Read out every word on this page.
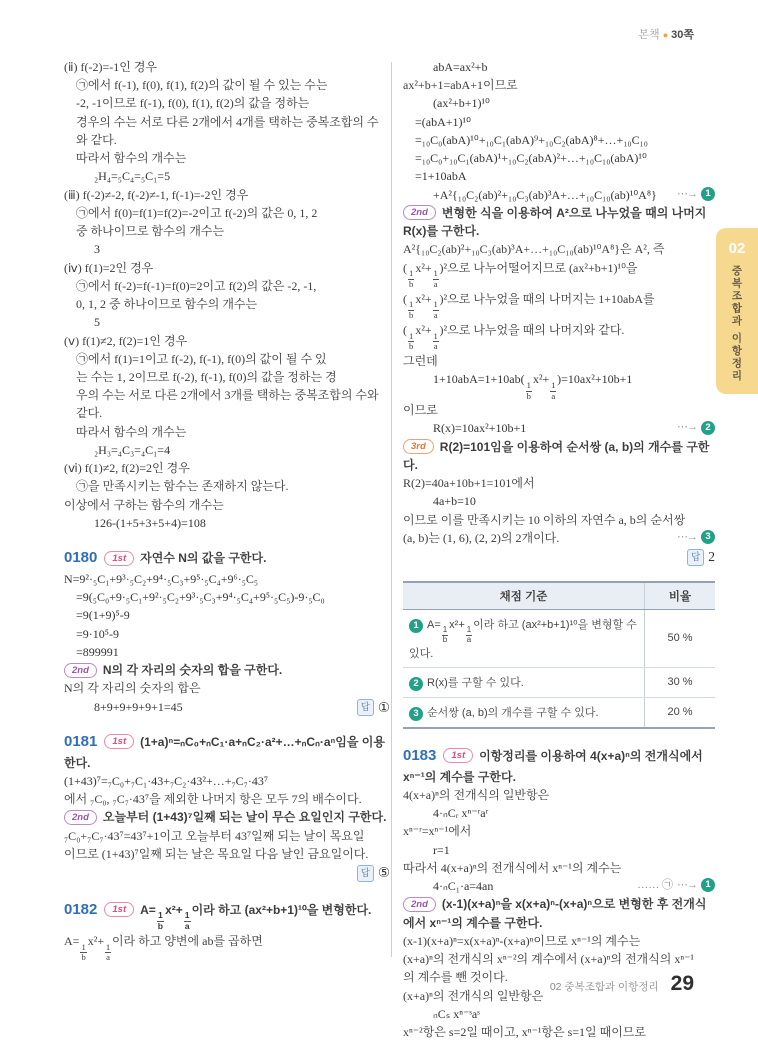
본책 ● 30쪽
02
중복조합과 이항정리
(ⅱ) f(-2)=-1인 경우
㉠에서 f(-1), f(0), f(1), f(2)의 값이 될 수 있는 수는
-2, -1이므로 f(-1), f(0), f(1), f(2)의 값을 정하는
경우의 수는 서로 다른 2개에서 4개를 택하는 중복조합의 수
와 같다.
따라서 함수의 개수는
₂H₄=₅C₄=₅C₁=5
(ⅲ) f(-2)≠-2, f(-2)≠-1, f(-1)=-2인 경우
㉠에서 f(0)=f(1)=f(2)=-2이고 f(-2)의 값은 0, 1, 2
중 하나이므로 함수의 개수는
3
(ⅳ) f(1)=2인 경우
㉠에서 f(-2)=f(-1)=f(0)=2이고 f(2)의 값은 -2, -1,
0, 1, 2 중 하나이므로 함수의 개수는
5
(ⅴ) f(1)≠2, f(2)=1인 경우
㉠에서 f(1)=1이고 f(-2), f(-1), f(0)의 값이 될 수 있
는 수는 1, 2이므로 f(-2), f(-1), f(0)의 값을 정하는 경
우의 수는 서로 다른 2개에서 3개를 택하는 중복조합의 수와
같다.
따라서 함수의 개수는
₂H₃=₄C₃=₄C₁=4
(ⅵ) f(1)≠2, f(2)=2인 경우
㉠을 만족시키는 함수는 존재하지 않는다.
이상에서 구하는 함수의 개수는
126-(1+5+3+5+4)=108
0180 1st 자연수 N의 값을 구한다.
N=9²·₅C₁+9³·₅C₂+9⁴·₅C₃+9⁵·₅C₄+9⁶·₅C₅
=9(₅C₀+9·₅C₁+9²·₅C₂+9³·₅C₃+9⁴·₅C₄+9⁵·₅C₅)-9·₅C₀
=9(1+9)⁵-9
=9·10⁵-9
=899991
2nd N의 각 자리의 숫자의 합을 구한다.
N의 각 자리의 숫자의 합은
답 ①
8+9+9+9+9+1=45
0181 1st (1+a)ⁿ=ₙC₀+ₙC₁·a+ₙC₂·a²+…+ₙCₙ·aⁿ임을 이용한다.
(1+43)⁷=₇C₀+₇C₁·43+₇C₂·43²+…+₇C₇·43⁷
에서 ₇C₀, ₇C₇·43⁷을 제외한 나머지 항은 모두 7의 배수이다.
2nd 오늘부터 (1+43)⁷일째 되는 날이 무슨 요일인지 구한다.
₇C₀+₇C₇·43⁷=43⁷+1이고 오늘부터 43⁷일째 되는 날이 목요일
이므로 (1+43)⁷일째 되는 날은 목요일 다음 날인 금요일이다.
답 ⑤
0182 1st A=
$\frac{1}{b}$
x²+
$\frac{1}{a}$
이라 하고 (ax²+b+1)¹⁰을 변형한다.
A=
$\frac{1}{b}$
x²+
$\frac{1}{a}$
이라 하고 양변에 ab를 곱하면
abA=ax²+b
ax²+b+1=abA+1이므로
(ax²+b+1)¹⁰
=(abA+1)¹⁰
=₁₀C₀(abA)¹⁰+₁₀C₁(abA)⁹+₁₀C₂(abA)⁸+…+₁₀C₁₀
=₁₀C₀+₁₀C₁(abA)¹+₁₀C₂(abA)²+…+₁₀C₁₀(abA)¹⁰
=1+10abA
⋯→ 1
+A²{₁₀C₂(ab)²+₁₀C₃(ab)³A+…+₁₀C₁₀(ab)¹⁰A⁸}
2nd 변형한 식을 이용하여 A²으로 나누었을 때의 나머지 R(x)를 구한다.
A²{₁₀C₂(ab)²+₁₀C₃(ab)³A+…+₁₀C₁₀(ab)¹⁰A⁸}은 A², 즉
(
$\frac{1}{b}$
x²+
$\frac{1}{a}$
)²으로 나누어떨어지므로 (ax²+b+1)¹⁰을
(
$\frac{1}{b}$
x²+
$\frac{1}{a}$
)²으로 나누었을 때의 나머지는 1+10abA를
(
$\frac{1}{b}$
x²+
$\frac{1}{a}$
)²으로 나누었을 때의 나머지와 같다.
그런데
1+10abA=1+10ab(
$\frac{1}{b}$
x²+
$\frac{1}{a}$
)=10ax²+10b+1
이므로
⋯→ 2
R(x)=10ax²+10b+1
3rd R(2)=101임을 이용하여 순서쌍 (a, b)의 개수를 구한다.
R(2)=40a+10b+1=101에서
4a+b=10
이므로 이를 만족시키는 10 이하의 자연수 a, b의 순서쌍
⋯→ 3
(a, b)는 (1, 6), (2, 2)의 2개이다.
답 2
채점 기준	비율
1 A=
$\frac{1}{b}$
x²+
$\frac{1}{a}$
이라 하고 (ax²+b+1)¹⁰을 변형할 수 있다.	50 %
2 R(x)를 구할 수 있다.	30 %
3 순서쌍 (a, b)의 개수를 구할 수 있다.	20 %
0183 1st 이항정리를 이용하여 4(x+a)ⁿ의 전개식에서 xⁿ⁻¹의 계수를 구한다.
4(x+a)ⁿ의 전개식의 일반항은
4·ₙCᵣ xⁿ⁻ʳaʳ
xⁿ⁻ʳ=xⁿ⁻¹에서
r=1
따라서 4(x+a)ⁿ의 전개식에서 xⁿ⁻¹의 계수는
…… ㉠ ⋯→ 1
4·ₙC₁·a=4an
2nd (x-1)(x+a)ⁿ을 x(x+a)ⁿ-(x+a)ⁿ으로 변형한 후 전개식에서 xⁿ⁻¹의 계수를 구한다.
(x-1)(x+a)ⁿ=x(x+a)ⁿ-(x+a)ⁿ이므로 xⁿ⁻¹의 계수는
(x+a)ⁿ의 전개식의 xⁿ⁻²의 계수에서 (x+a)ⁿ의 전개식의 xⁿ⁻¹
의 계수를 뺀 것이다.
(x+a)ⁿ의 전개식의 일반항은
ₙCₛ xⁿ⁻ˢaˢ
xⁿ⁻²항은 s=2일 때이고, xⁿ⁻¹항은 s=1일 때이므로
02 중복조합과 이항정리 29
